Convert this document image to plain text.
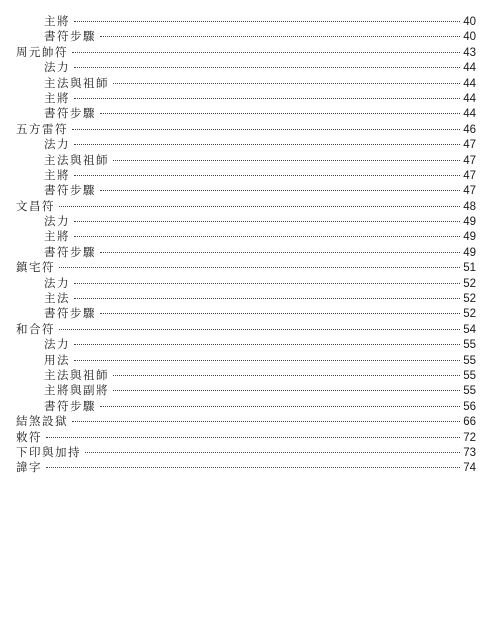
主將	40
書符步驟	40
周元帥符	43
法力	44
主法與祖師	44
主將	44
書符步驟	44
五方雷符	46
法力	47
主法與祖師	47
主將	47
書符步驟	47
文昌符	48
法力	49
主將	49
書符步驟	49
鎮宅符	51
法力	52
主法	52
書符步驟	52
和合符	54
法力	55
用法	55
主法與祖師	55
主將與副將	55
書符步驟	56
結煞設獄	66
敕符	72
下印與加持	73
諱字	74
